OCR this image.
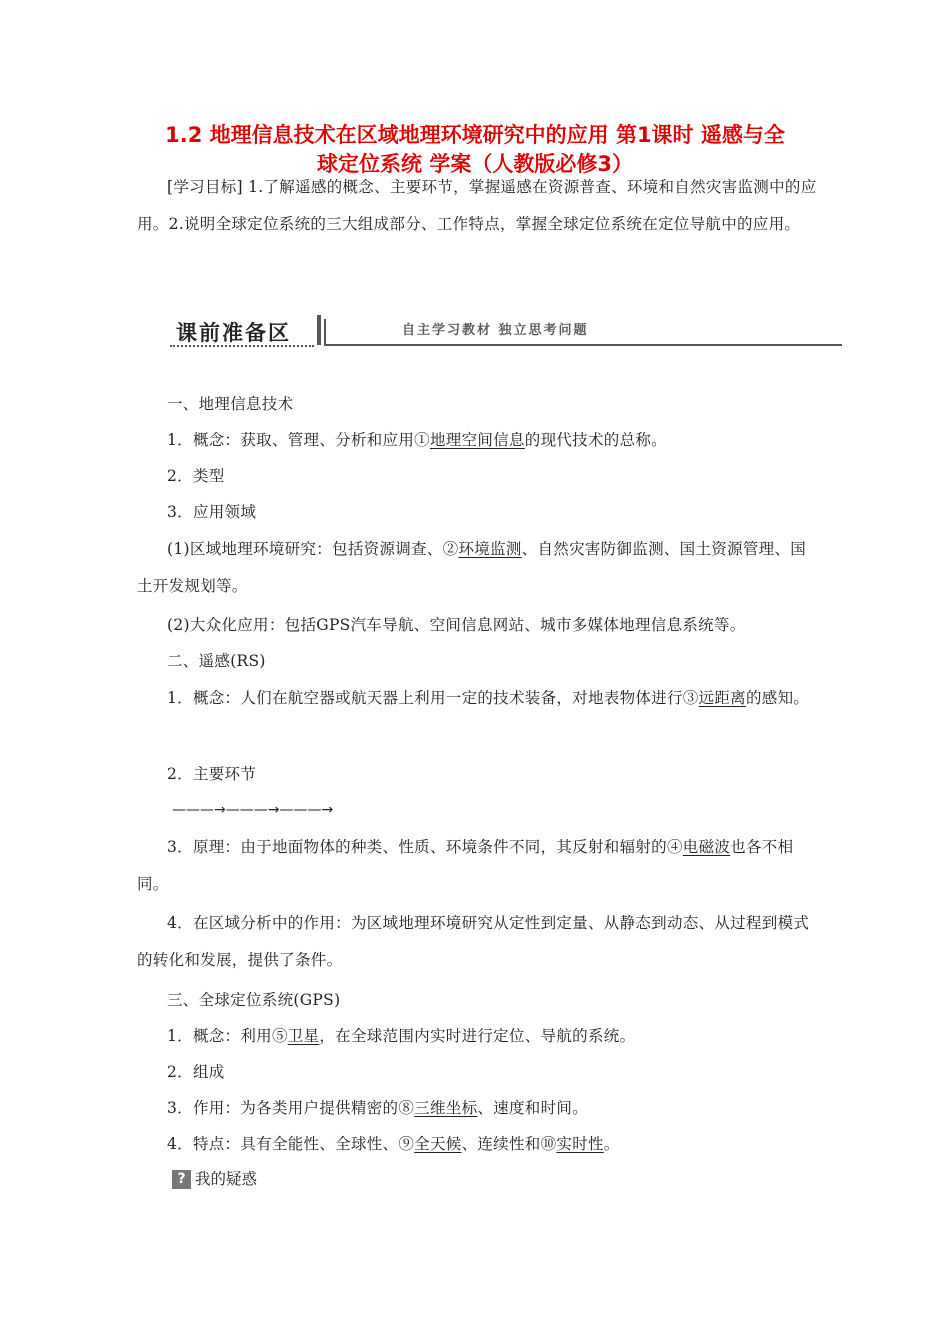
1.2 地理信息技术在区域地理环境研究中的应用 第1课时 遥感与全
球定位系统 学案（人教版必修3）
[学习目标] 1.了解遥感的概念、主要环节，掌握遥感在资源普查、环境和自然灾害监测中的应用。2.说明全球定位系统的三大组成部分、工作特点，掌握全球定位系统在定位导航中的应用。
课前准备区	自主学习教材 独立思考问题
一、地理信息技术
1．概念：获取、管理、分析和应用①地理空间信息的现代技术的总称。
2．类型
3．应用领域
(1)区域地理环境研究：包括资源调查、②环境监测、自然灾害防御监测、国土资源管理、国土开发规划等。
(2)大众化应用：包括GPS汽车导航、空间信息网站、城市多媒体地理信息系统等。
二、遥感(RS)
1．概念：人们在航空器或航天器上利用一定的技术装备，对地表物体进行③远距离的感知。
2．主要环节
———→———→———→
3．原理：由于地面物体的种类、性质、环境条件不同，其反射和辐射的④电磁波也各不相同。
4．在区域分析中的作用：为区域地理环境研究从定性到定量、从静态到动态、从过程到模式的转化和发展，提供了条件。
三、全球定位系统(GPS)
1．概念：利用⑤卫星，在全球范围内实时进行定位、导航的系统。
2．组成
3．作用：为各类用户提供精密的⑧三维坐标、速度和时间。
4．特点：具有全能性、全球性、⑨全天候、连续性和⑩实时性。
? 我的疑惑
